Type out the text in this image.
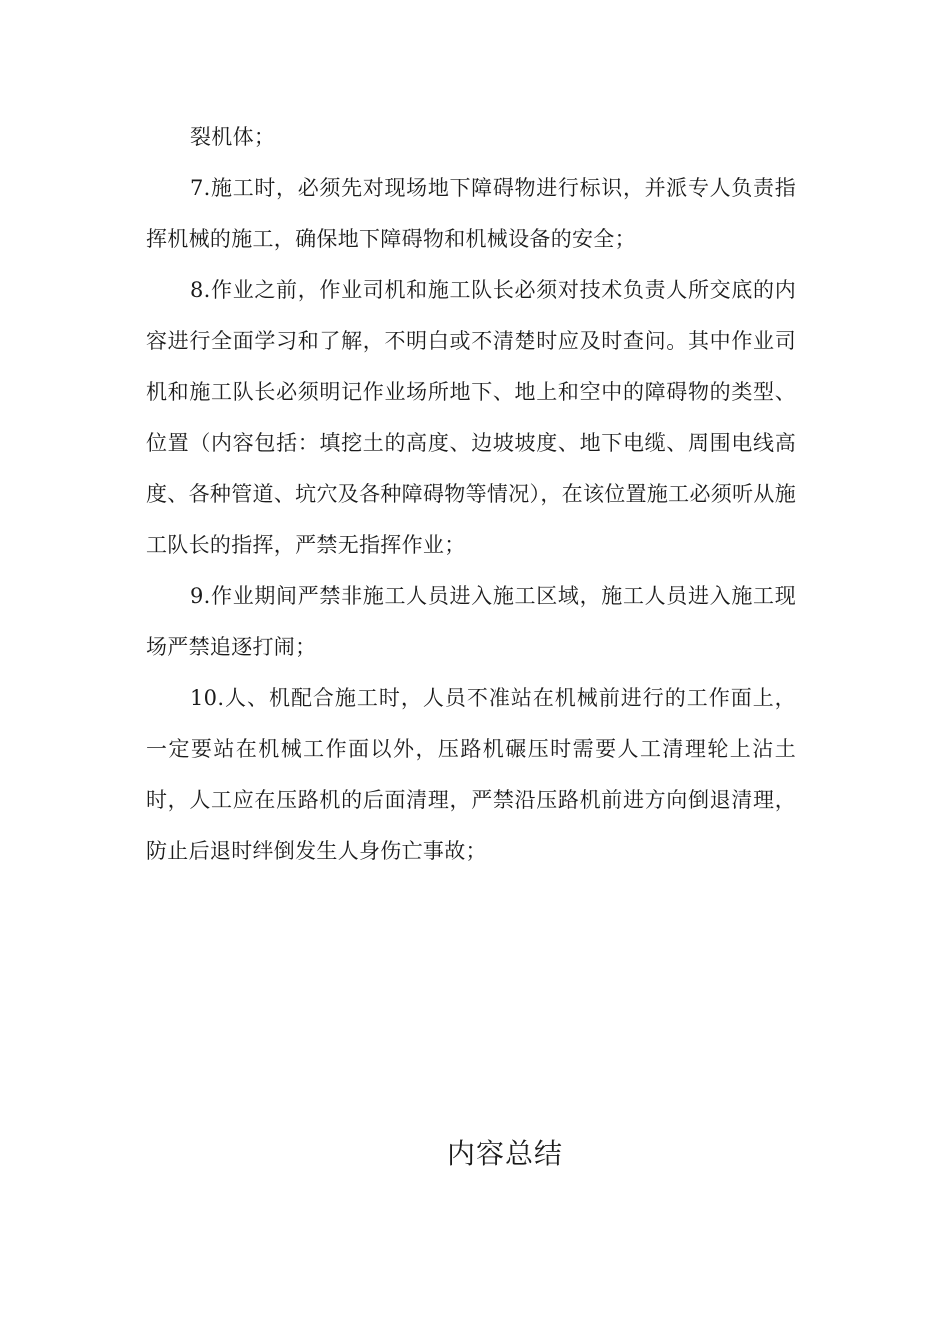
裂机体；

7.施工时，必须先对现场地下障碍物进行标识，并派专人负责指挥机械的施工，确保地下障碍物和机械设备的安全；

8.作业之前，作业司机和施工队长必须对技术负责人所交底的内容进行全面学习和了解，不明白或不清楚时应及时查问。其中作业司机和施工队长必须明记作业场所地下、地上和空中的障碍物的类型、位置（内容包括：填挖土的高度、边坡坡度、地下电缆、周围电线高度、各种管道、坑穴及各种障碍物等情况），在该位置施工必须听从施工队长的指挥，严禁无指挥作业；

9.作业期间严禁非施工人员进入施工区域，施工人员进入施工现场严禁追逐打闹；

10.人、机配合施工时，人员不准站在机械前进行的工作面上，一定要站在机械工作面以外，压路机碾压时需要人工清理轮上沾土时，人工应在压路机的后面清理，严禁沿压路机前进方向倒退清理，防止后退时绊倒发生人身伤亡事故；

内容总结
